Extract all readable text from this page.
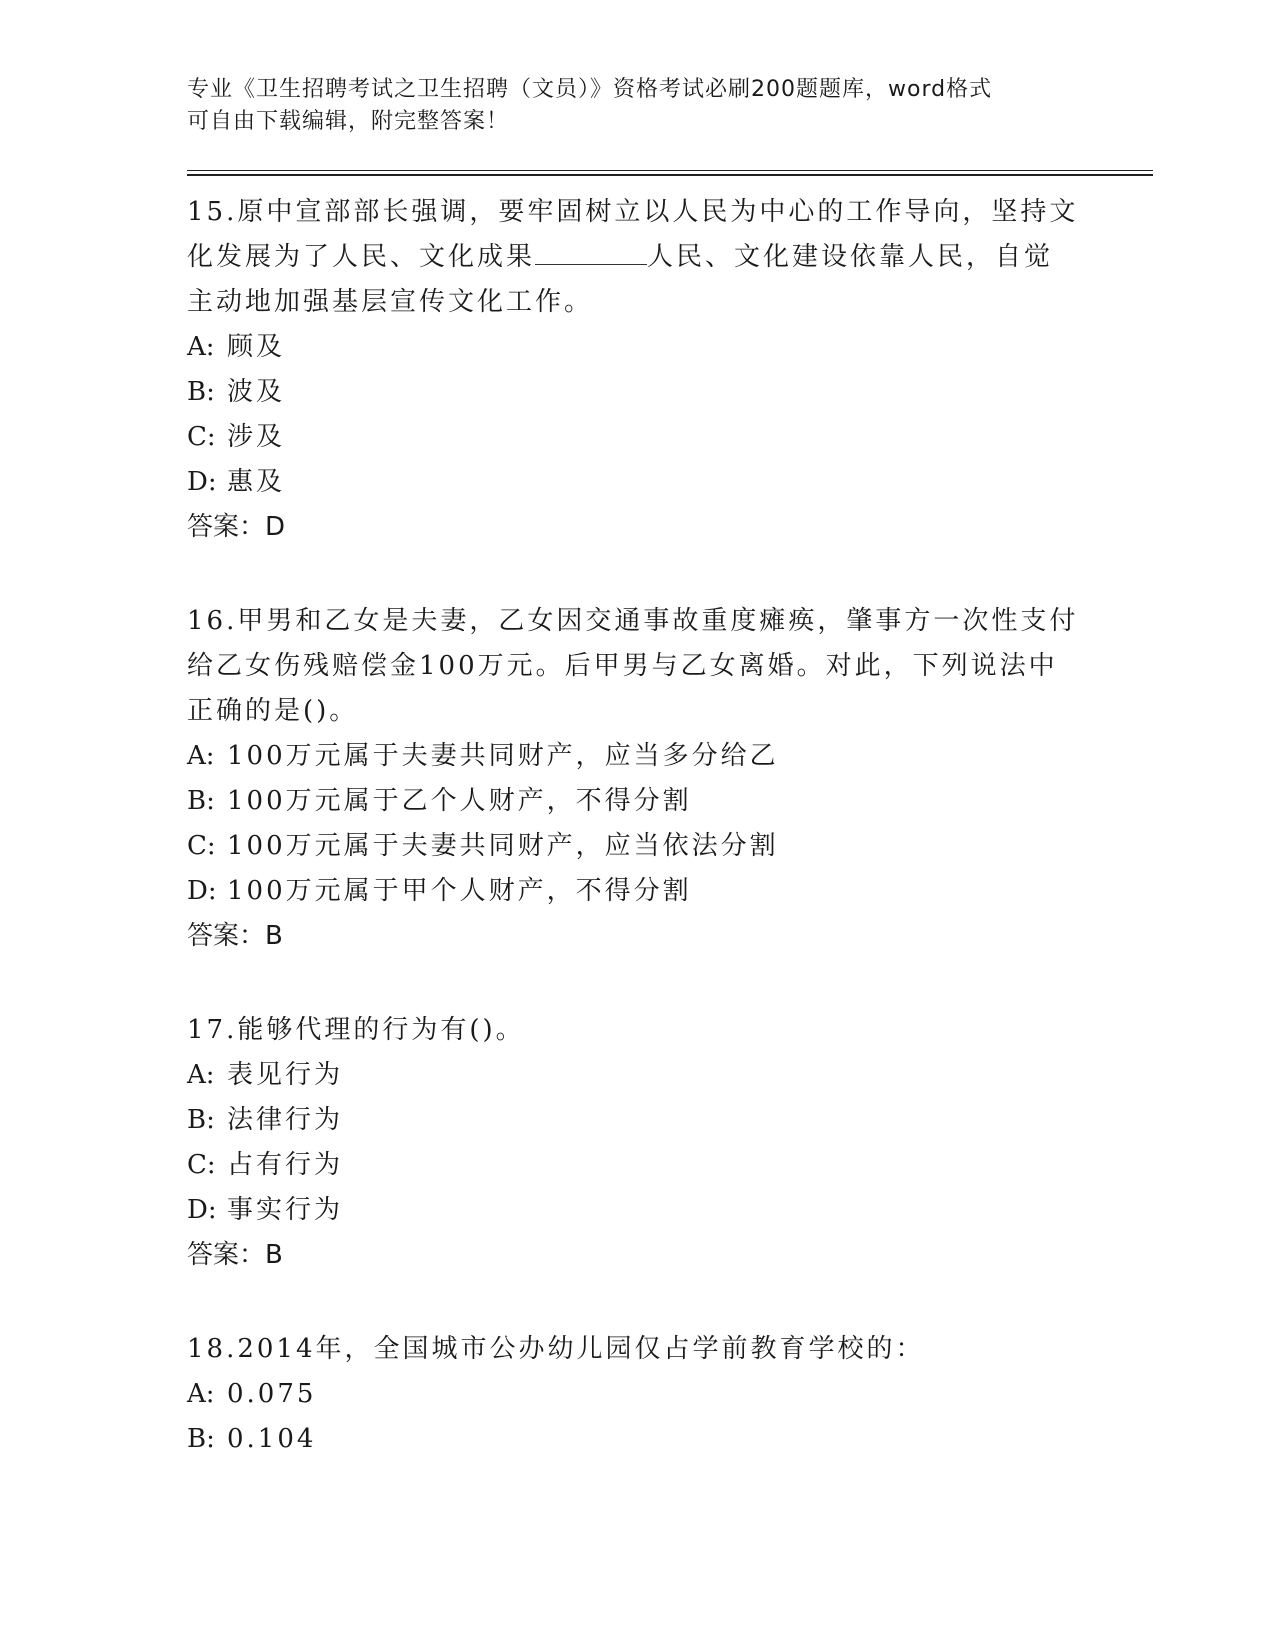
专业《卫生招聘考试之卫生招聘（文员）》资格考试必刷200题题库，word格式
可自由下载编辑，附完整答案！
15.原中宣部部长强调，要牢固树立以人民为中心的工作导向，坚持文
化发展为了人民、文化成果	人民、文化建设依靠人民，自觉
主动地加强基层宣传文化工作。
A: 顾及
B: 波及
C: 涉及
D: 惠及
答案：D
16.甲男和乙女是夫妻，乙女因交通事故重度瘫痪，肇事方一次性支付
给乙女伤残赔偿金100万元。后甲男与乙女离婚。对此，下列说法中
正确的是()。
A: 100万元属于夫妻共同财产，应当多分给乙
B: 100万元属于乙个人财产，不得分割
C: 100万元属于夫妻共同财产，应当依法分割
D: 100万元属于甲个人财产，不得分割
答案：B
17.能够代理的行为有()。
A: 表见行为
B: 法律行为
C: 占有行为
D: 事实行为
答案：B
18.2014年，全国城市公办幼儿园仅占学前教育学校的：
A: 0.075
B: 0.104
